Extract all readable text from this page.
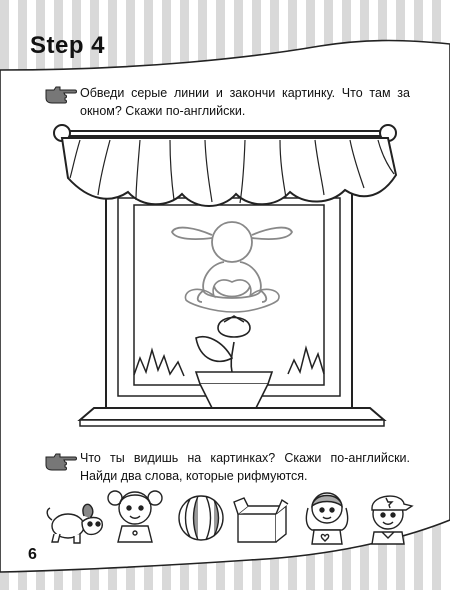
Step 4
Обведи серые линии и закончи картинку. Что там за окном? Скажи по-английски.
Что ты видишь на картинках? Скажи по-английски. Найди два слова, которые рифмуются.
6
